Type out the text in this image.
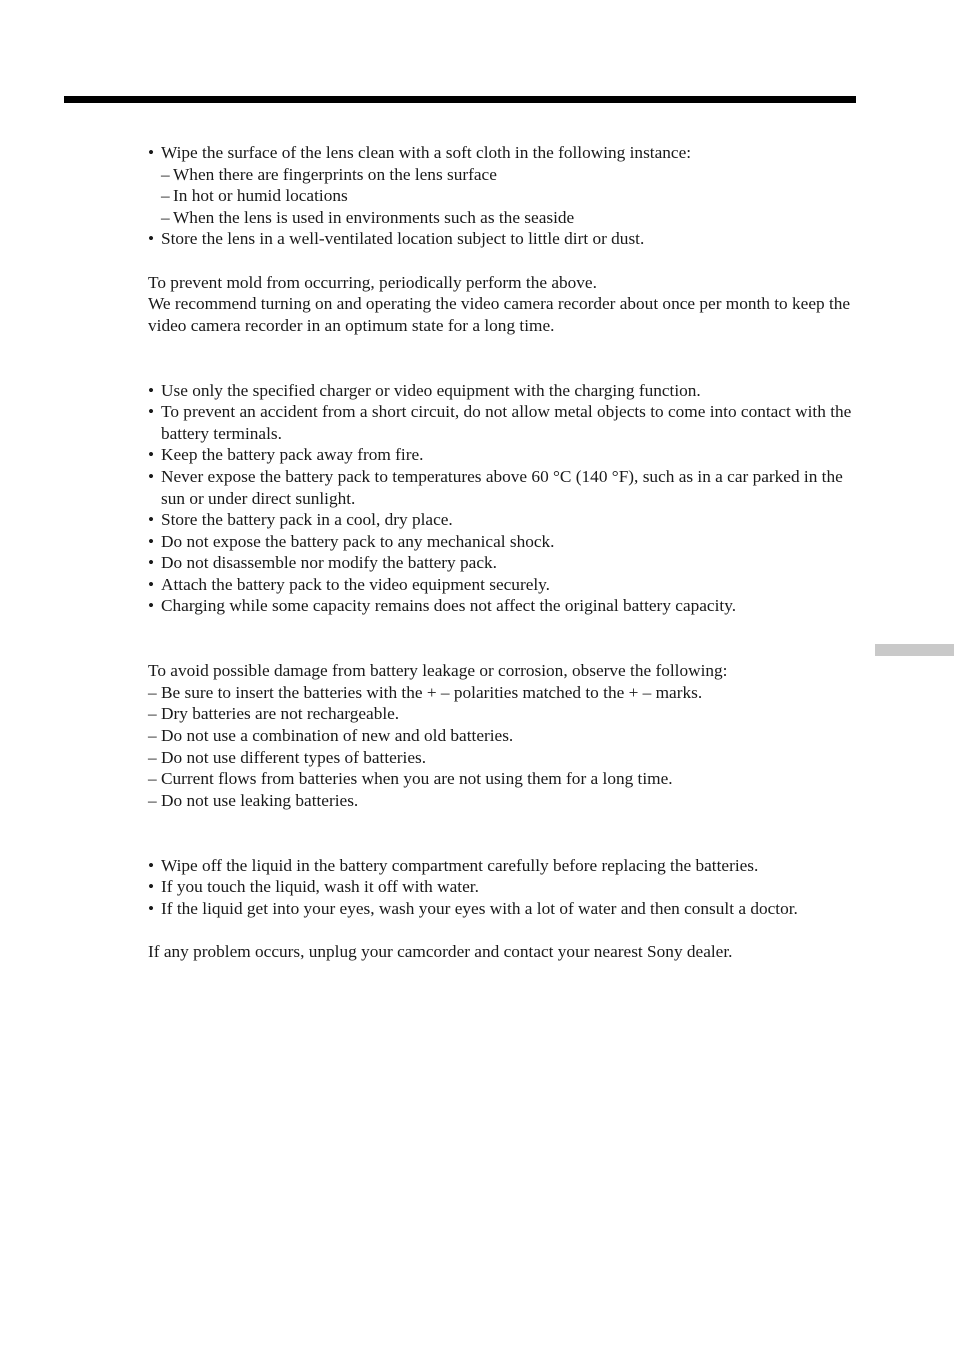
• Wipe the surface of the lens clean with a soft cloth in the following instance:
– When there are fingerprints on the lens surface
– In hot or humid locations
– When the lens is used in environments such as the seaside
• Store the lens in a well-ventilated location subject to little dirt or dust.

To prevent mold from occurring, periodically perform the above.

We recommend turning on and operating the video camera recorder about once per month to keep the video camera recorder in an optimum state for a long time.

• Use only the specified charger or video equipment with the charging function.
• To prevent an accident from a short circuit, do not allow metal objects to come into contact with the battery terminals.
• Keep the battery pack away from fire.
• Never expose the battery pack to temperatures above 60 °C (140 °F), such as in a car parked in the sun or under direct sunlight.
• Store the battery pack in a cool, dry place.
• Do not expose the battery pack to any mechanical shock.
• Do not disassemble nor modify the battery pack.
• Attach the battery pack to the video equipment securely.
• Charging while some capacity remains does not affect the original battery capacity.

To avoid possible damage from battery leakage or corrosion, observe the following:

– Be sure to insert the batteries with the + – polarities matched to the + – marks.
– Dry batteries are not rechargeable.
– Do not use a combination of new and old batteries.
– Do not use different types of batteries.
– Current flows from batteries when you are not using them for a long time.
– Do not use leaking batteries.
• Wipe off the liquid in the battery compartment carefully before replacing the batteries.
• If you touch the liquid, wash it off with water.
• If the liquid get into your eyes, wash your eyes with a lot of water and then consult a doctor.

If any problem occurs, unplug your camcorder and contact your nearest Sony dealer.
